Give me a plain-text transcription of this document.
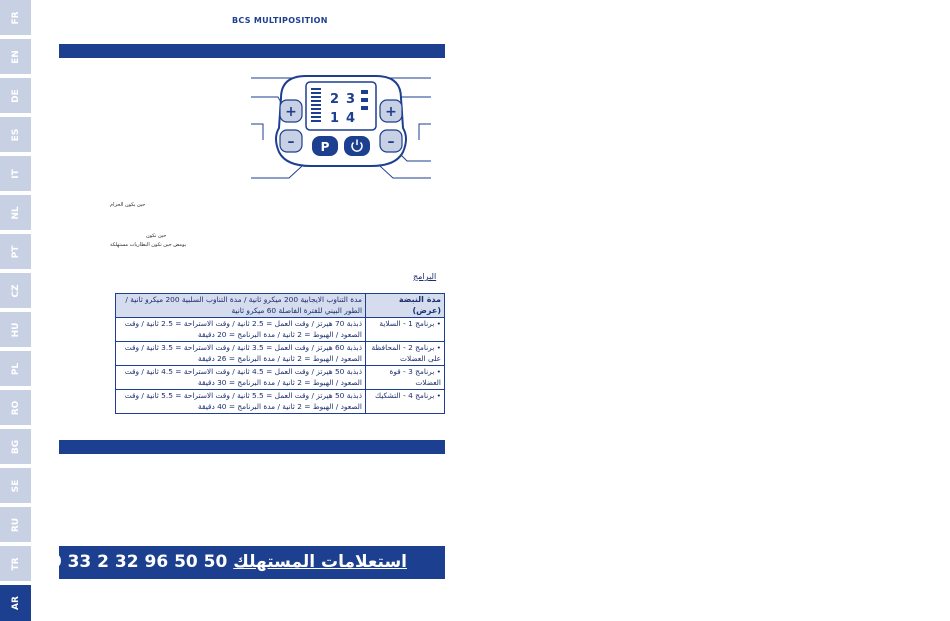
FR
EN
DE
ES
IT
NL
PT
CZ
HU
PL
RO
BG
SE
RU
TR
AR
BCS MULTIPOSITION
2 3
1 4
+
–
+
–
P
حين يكون الحزام
حين تكون
يومض حين تكون البطاريات مستهلكة
البرامج
مدة النبضة (عرض)	مدة التناوب الايجابية 200 ميكرو ثانية / مدة التناوب السلبية 200 ميكرو ثانية / الطور البيني للفترة الفاصلة 60 ميكرو ثانية
• برنامج 1 - السلاية	ذبذبة 70 هيرتز / وقت العمل = 2.5 ثانية / وقت الاستراحة = 2.5 ثانية / وقت الصعود / الهبوط = 2 ثانية / مدة البرنامج = 20 دقيقة
• برنامج 2 - المحافظة على العضلات	ذبذبة 60 هيرتز / وقت العمل = 3.5 ثانية / وقت الاستراحة = 3.5 ثانية / وقت الصعود / الهبوط = 2 ثانية / مدة البرنامج = 26 دقيقة
• برنامج 3 - قوة العضلات	ذبذبة 50 هيرتز / وقت العمل = 4.5 ثانية / وقت الاستراحة = 4.5 ثانية / وقت الصعود / الهبوط = 2 ثانية / مدة البرنامج = 30 دقيقة
• برنامج 4 - التشكيك	ذبذبة 50 هيرتز / وقت العمل = 5.5 ثانية / وقت الاستراحة = 5.5 ثانية / وقت الصعود / الهبوط = 2 ثانية / مدة البرنامج = 40 دقيقة
استعلامات المستهلك 00 33 2 32 96 50 50
